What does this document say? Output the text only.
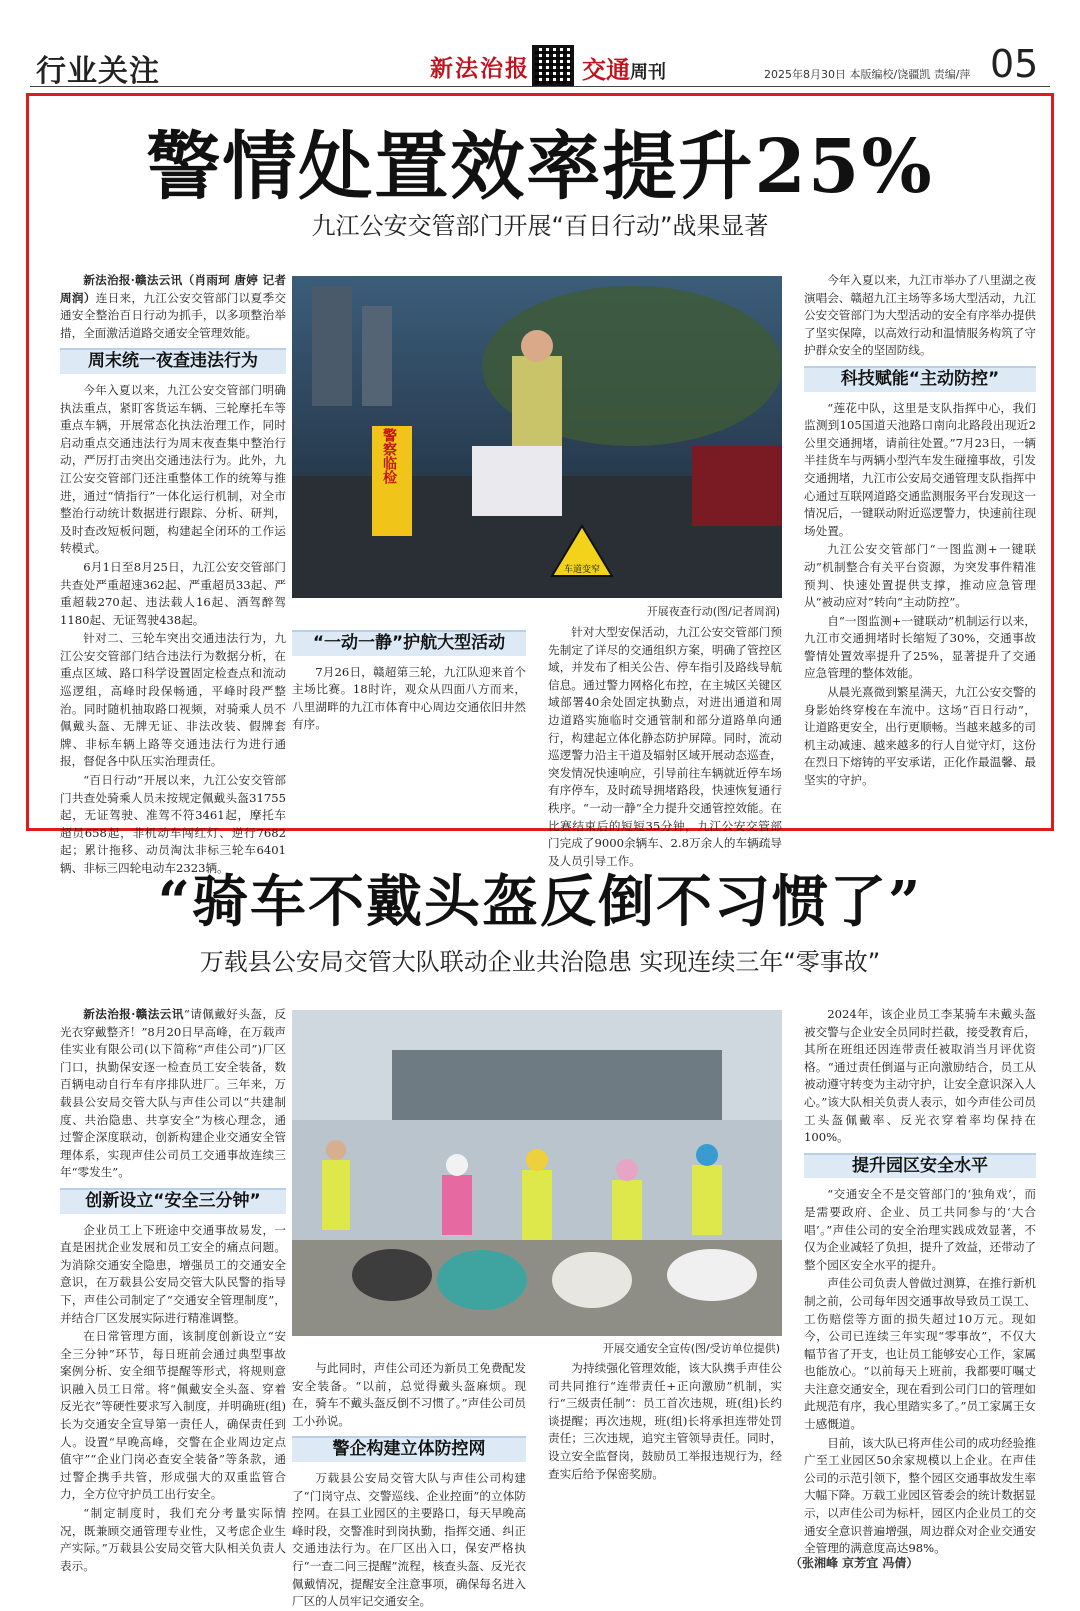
行业关注	新法治报 交通周刊	2025年8月30日 本版编校/饶疆凯 责编/萍 05
警情处置效率提升25%
九江公安交管部门开展“百日行动”战果显著

新法治报·赣法云讯（肖雨珂 唐婷 记者周润）连日来，九江公安交管部门以夏季交通安全整治百日行动为抓手，以多项整治举措，全面激活道路交通安全管理效能。

周末统一夜查违法行为

今年入夏以来，九江公安交管部门明确执法重点，紧盯客货运车辆、三轮摩托车等重点车辆，开展常态化执法治理工作，同时启动重点交通违法行为周末夜查集中整治行动，严厉打击突出交通违法行为。此外，九江公安交管部门还注重整体工作的统筹与推进，通过“情指行”一体化运行机制，对全市整治行动统计数据进行跟踪、分析、研判，及时查改短板问题，构建起全闭环的工作运转模式。

6月1日至8月25日，九江公安交管部门共查处严重超速362起、严重超员33起、严重超载270起、违法载人16起、酒驾醉驾1180起、无证驾驶438起。

针对二、三轮车突出交通违法行为，九江公安交管部门结合违法行为数据分析，在重点区域、路口科学设置固定检查点和流动巡逻组，高峰时段保畅通，平峰时段严整治。同时随机抽取路口视频，对骑乘人员不佩戴头盔、无牌无证、非法改装、假牌套牌、非标车辆上路等交通违法行为进行通报，督促各中队压实治理责任。

“百日行动”开展以来，九江公安交管部门共查处骑乘人员未按规定佩戴头盔31755起，无证驾驶、准驾不符3461起，摩托车超员658起，非机动车闯红灯、逆行7682起；累计拖移、动员淘汰非标三轮车6401辆、非标三四轮电动车2323辆。

警察临检
车道变窄
开展夜查行动(图/记者周润)
“一动一静”护航大型活动

7月26日，赣超第三轮，九江队迎来首个主场比赛。18时许，观众从四面八方而来，八里湖畔的九江市体育中心周边交通依旧井然有序。

针对大型安保活动，九江公安交管部门预先制定了详尽的交通组织方案，明确了管控区域，并发布了相关公告、停车指引及路线导航信息。通过警力网格化布控，在主城区关键区域部署40余处固定执勤点，对进出通道和周边道路实施临时交通管制和部分道路单向通行，构建起立体化静态防护屏障。同时，流动巡逻警力沿主干道及辐射区域开展动态巡查，突发情况快速响应，引导前往车辆就近停车场有序停车，及时疏导拥堵路段，快速恢复通行秩序。“一动一静”全力提升交通管控效能。在比赛结束后的短短35分钟，九江公安交管部门完成了9000余辆车、2.8万余人的车辆疏导及人员引导工作。

今年入夏以来，九江市举办了八里湖之夜演唱会、赣超九江主场等多场大型活动，九江公安交管部门为大型活动的安全有序举办提供了坚实保障，以高效行动和温情服务构筑了守护群众安全的坚固防线。

科技赋能“主动防控”

“莲花中队，这里是支队指挥中心，我们监测到105国道天池路口南向北路段出现近2公里交通拥堵，请前往处置。”7月23日，一辆半挂货车与两辆小型汽车发生碰撞事故，引发交通拥堵，九江市公安局交通管理支队指挥中心通过互联网道路交通监测服务平台发现这一情况后，一键联动附近巡逻警力，快速前往现场处置。

九江公安交管部门“一图监测+一键联动”机制整合有关平台资源，为突发事件精准预判、快速处置提供支撑，推动应急管理从“被动应对”转向“主动防控”。

自“一图监测+一键联动”机制运行以来，九江市交通拥堵时长缩短了30%，交通事故警情处置效率提升了25%，显著提升了交通应急管理的整体效能。

从晨光熹微到繁星满天，九江公安交警的身影始终穿梭在车流中。这场“百日行动”，让道路更安全，出行更顺畅。当越来越多的司机主动减速、越来越多的行人自觉守灯，这份在烈日下熔铸的平安承诺，正化作最温馨、最坚实的守护。

“骑车不戴头盔反倒不习惯了”
万载县公安局交管大队联动企业共治隐患 实现连续三年“零事故”

新法治报·赣法云讯“请佩戴好头盔，反光衣穿戴整齐！”8月20日早高峰，在万载声佳实业有限公司(以下简称“声佳公司”)厂区门口，执勤保安逐一检查员工安全装备，数百辆电动自行车有序排队进厂。三年来，万载县公安局交管大队与声佳公司以“共建制度、共治隐患、共享安全”为核心理念，通过警企深度联动，创新构建企业交通安全管理体系，实现声佳公司员工交通事故连续三年“零发生”。

创新设立“安全三分钟”

企业员工上下班途中交通事故易发，一直是困扰企业发展和员工安全的痛点问题。为消除交通安全隐患，增强员工的交通安全意识，在万载县公安局交管大队民警的指导下，声佳公司制定了“交通安全管理制度”，并结合厂区发展实际进行精准调整。

在日常管理方面，该制度创新设立“安全三分钟”环节，每日班前会通过典型事故案例分析、安全细节提醒等形式，将规则意识融入员工日常。将“佩戴安全头盔、穿着反光衣”等硬性要求写入制度，并明确班(组)长为交通安全宣导第一责任人，确保责任到人。设置“早晚高峰，交警在企业周边定点值守”“企业门岗必查安全装备”等条款，通过警企携手共管，形成强大的双重监管合力，全方位守护员工出行安全。

“制定制度时，我们充分考量实际情况，既兼顾交通管理专业性，又考虑企业生产实际。”万载县公安局交管大队相关负责人表示。

开展交通安全宣传(图/受访单位提供)

与此同时，声佳公司还为新员工免费配发安全装备。“以前，总觉得戴头盔麻烦。现在，骑车不戴头盔反倒不习惯了。”声佳公司员工小孙说。

警企构建立体防控网

万载县公安局交管大队与声佳公司构建了“门岗守点、交警巡线、企业控面”的立体防控网。在县工业园区的主要路口，每天早晚高峰时段，交警准时到岗执勤，指挥交通、纠正交通违法行为。在厂区出入口，保安严格执行“一查二问三提醒”流程，核查头盔、反光衣佩戴情况，提醒安全注意事项，确保每名进入厂区的人员牢记交通安全。

为持续强化管理效能，该大队携手声佳公司共同推行“连带责任+正向激励”机制，实行“三级责任制”：员工首次违规，班(组)长约谈提醒；再次违规，班(组)长将承担连带处罚责任；三次违规，追究主管领导责任。同时，设立安全监督岗，鼓励员工举报违规行为，经查实后给予保密奖励。

2024年，该企业员工李某骑车未戴头盔被交警与企业安全员同时拦截，接受教育后，其所在班组还因连带责任被取消当月评优资格。“通过责任倒逼与正向激励结合，员工从被动遵守转变为主动守护，让安全意识深入人心。”该大队相关负责人表示，如今声佳公司员工头盔佩戴率、反光衣穿着率均保持在100%。

提升园区安全水平

“交通安全不是交管部门的‘独角戏’，而是需要政府、企业、员工共同参与的‘大合唱’。”声佳公司的安全治理实践成效显著，不仅为企业减轻了负担，提升了效益，还带动了整个园区安全水平的提升。

声佳公司负责人曾做过测算，在推行新机制之前，公司每年因交通事故导致员工误工、工伤赔偿等方面的损失超过10万元。现如今，公司已连续三年实现“零事故”，不仅大幅节省了开支，也让员工能够安心工作，家属也能放心。“以前每天上班前，我都要叮嘱丈夫注意交通安全，现在看到公司门口的管理如此规范有序，我心里踏实多了。”员工家属王女士感慨道。

目前，该大队已将声佳公司的成功经验推广至工业园区50余家规模以上企业。在声佳公司的示范引领下，整个园区交通事故发生率大幅下降。万载工业园区管委会的统计数据显示，以声佳公司为标杆，园区内企业员工的交通安全意识普遍增强，周边群众对企业交通安全管理的满意度高达98%。

（张湘峰 京芳宜 冯倩）
